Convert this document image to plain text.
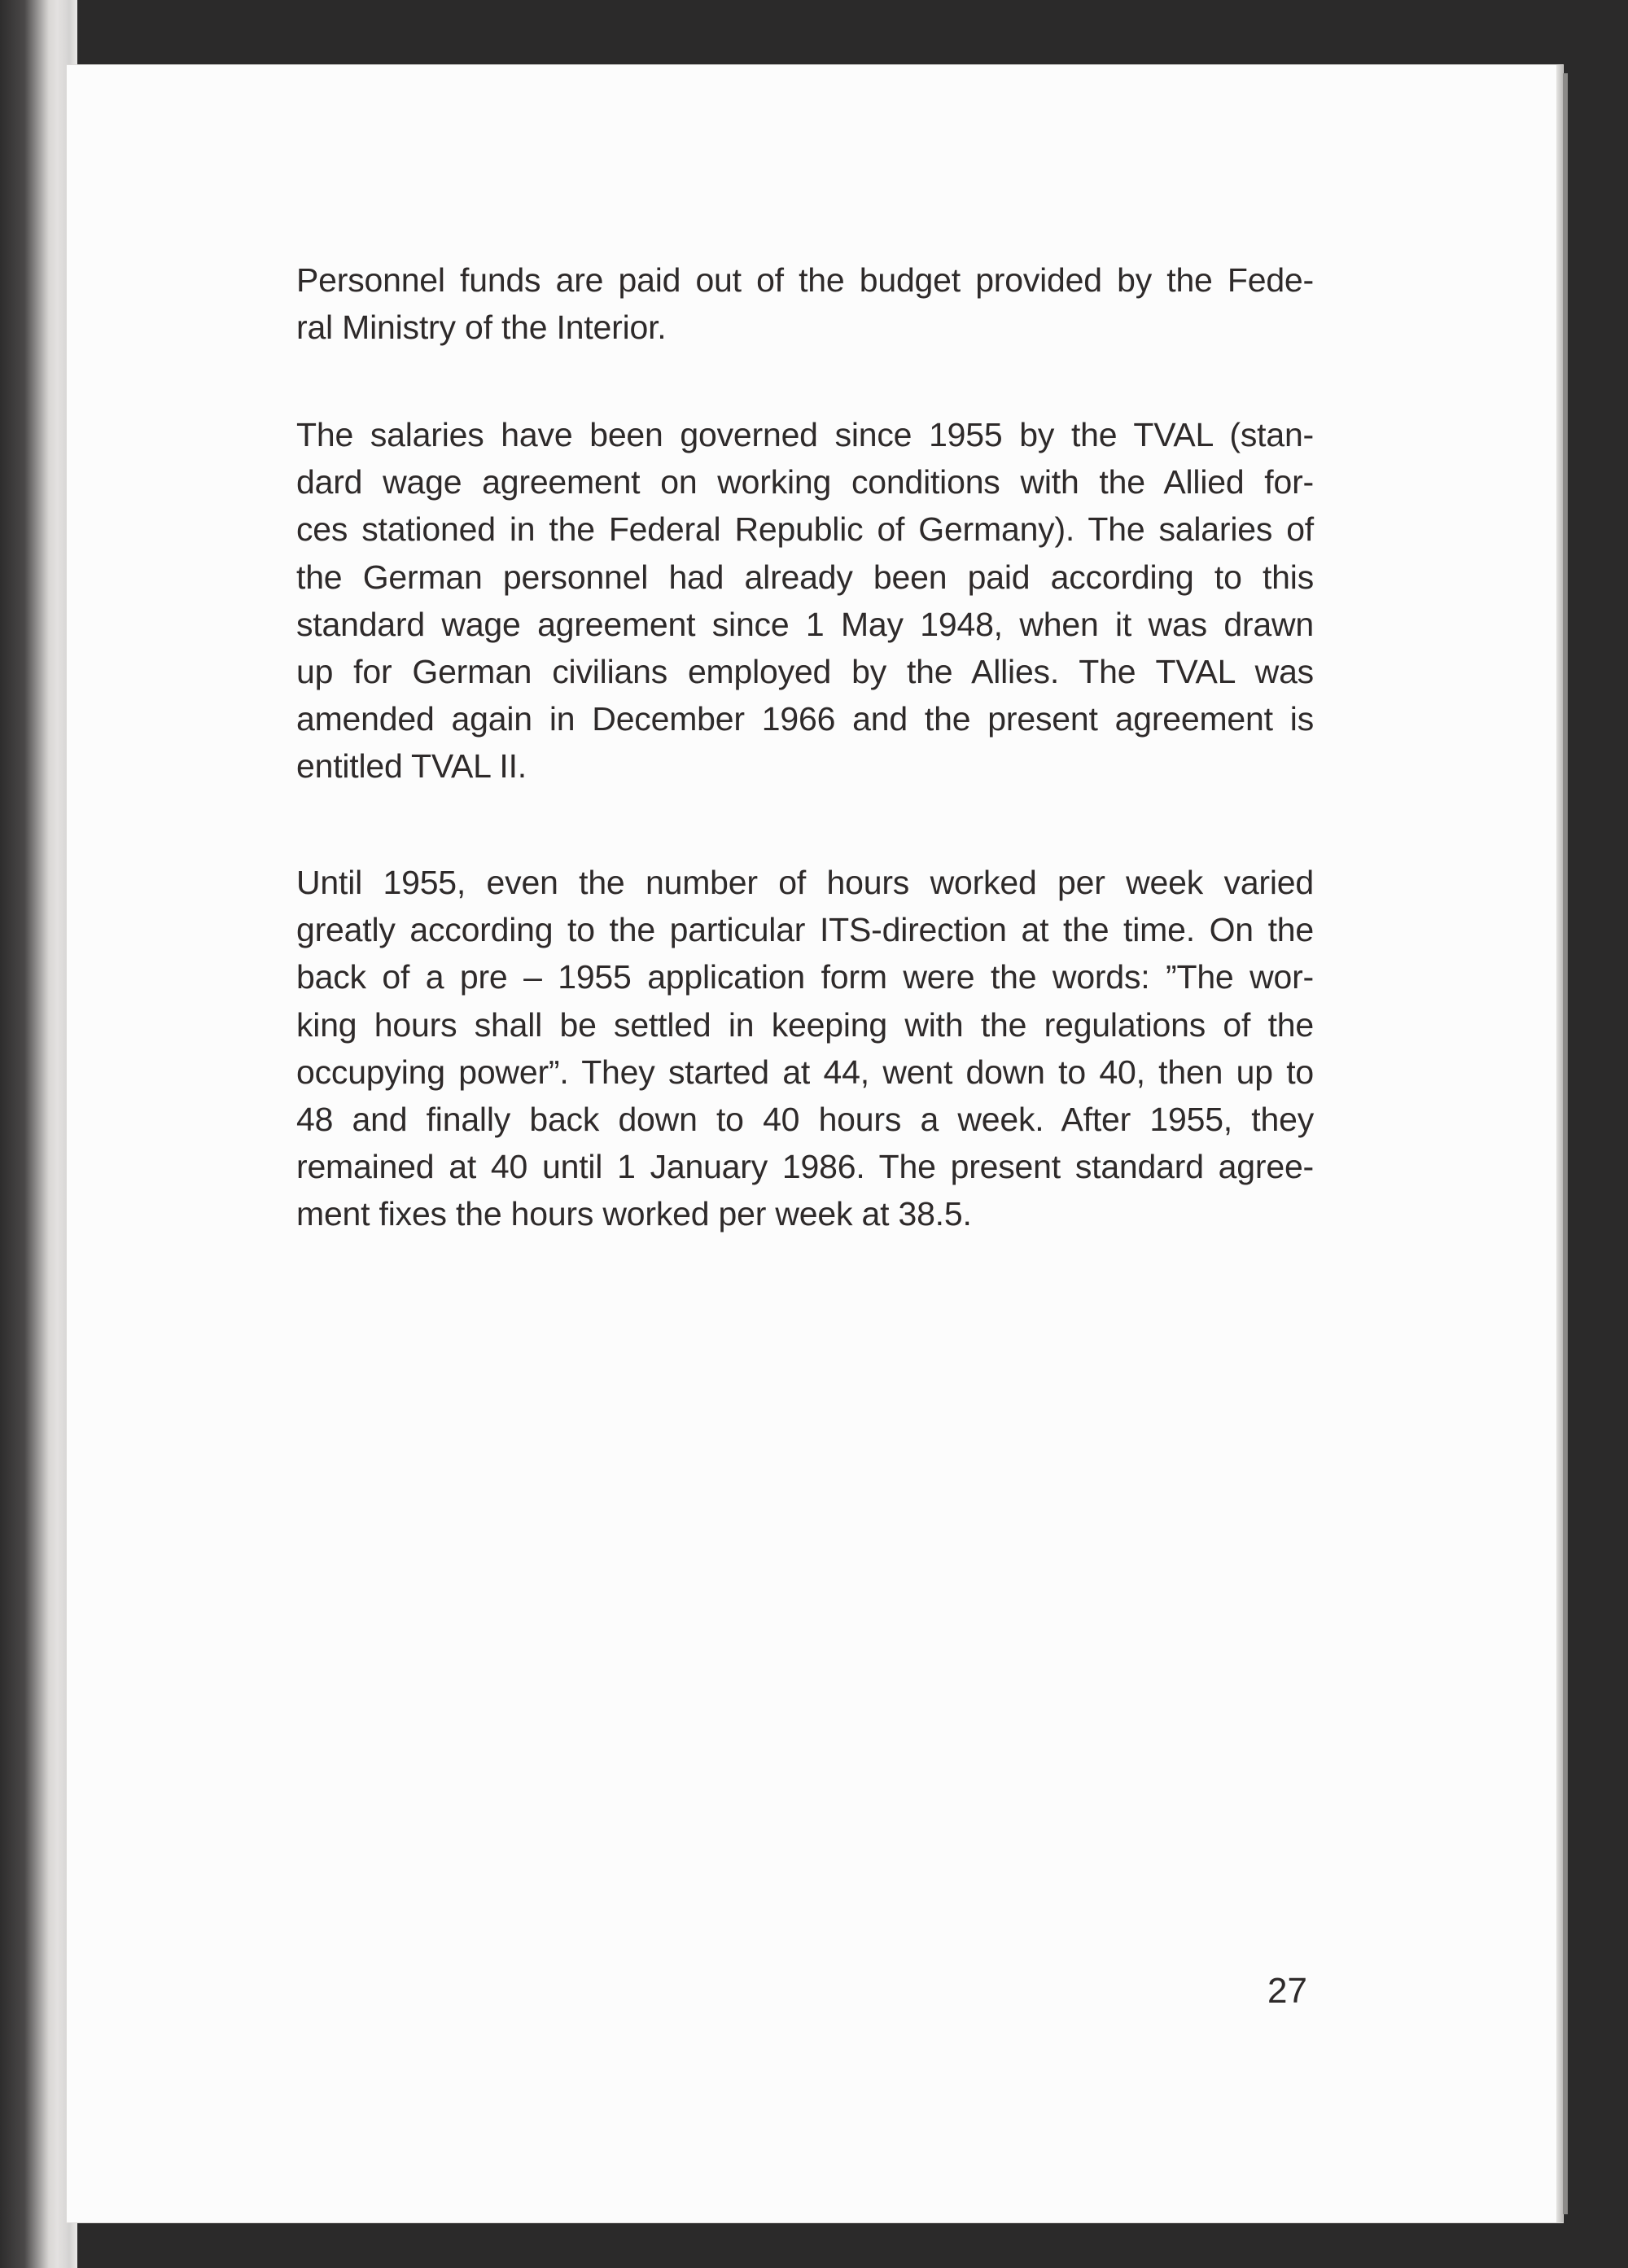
Personnel funds are paid out of the budget provided by the Fede-
ral Ministry of the Interior.
The salaries have been governed since 1955 by the TVAL (stan-
dard wage agreement on working conditions with the Allied for-
ces stationed in the Federal Republic of Germany). The salaries of
the German personnel had already been paid according to this
standard wage agreement since 1 May 1948, when it was drawn
up for German civilians employed by the Allies. The TVAL was
amended again in December 1966 and the present agreement is
entitled TVAL II.
Until 1955, even the number of hours worked per week varied
greatly according to the particular ITS-direction at the time. On the
back of a pre – 1955 application form were the words: ”The wor-
king hours shall be settled in keeping with the regulations of the
occupying power”. They started at 44, went down to 40, then up to
48 and finally back down to 40 hours a week. After 1955, they
remained at 40 until 1 January 1986. The present standard agree-
ment fixes the hours worked per week at 38.5.
27
